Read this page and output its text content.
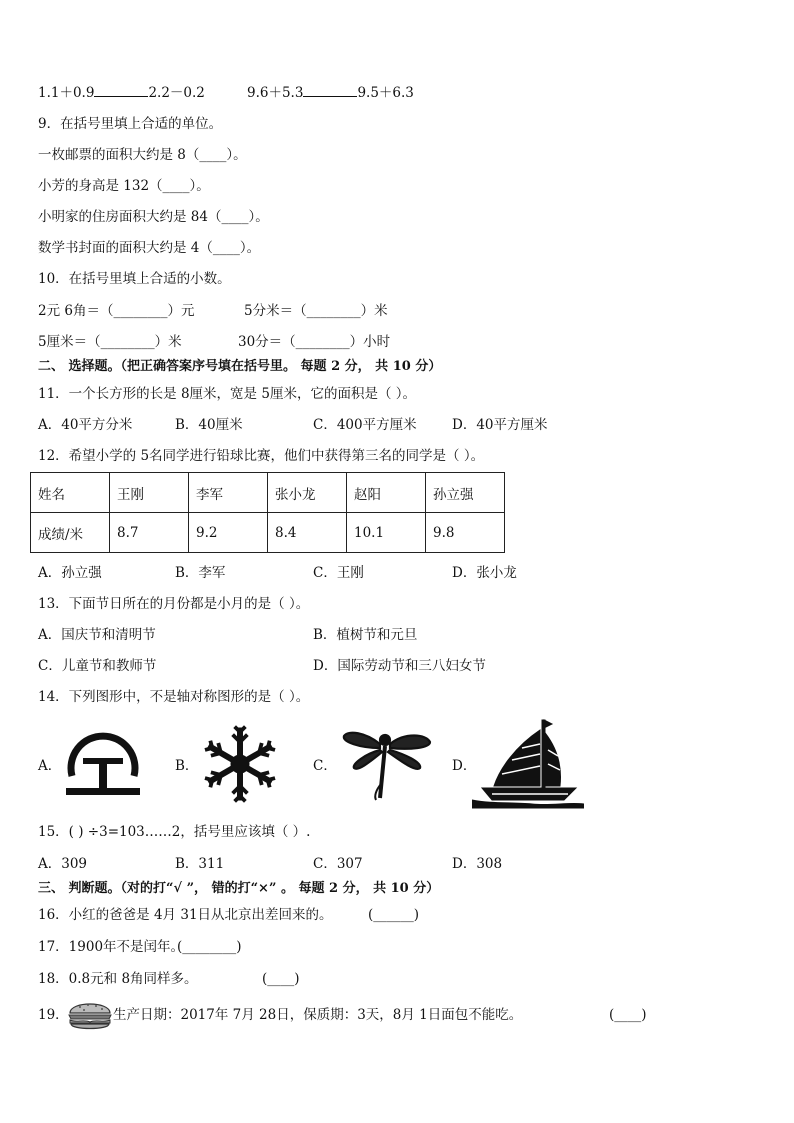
1.1＋0.9	2.2－0.2	9.6＋5.3	9.5＋6.3
9．在括号里填上合适的单位。
一枚邮票的面积大约是 8（____）。
小芳的身高是 132（____）。
小明家的住房面积大约是 84（____）。
数学书封面的面积大约是 4（____）。
10．在括号里填上合适的小数。
2元 6角＝（________）元	5分米＝（________）米
5厘米＝（________）米	30分＝（________）小时
二、 选择题。（把正确答案序号填在括号里。 每题 2 分， 共 10 分）
11．一个长方形的长是 8厘米，宽是 5厘米，它的面积是（ ）。
A．40平方分米	B．40厘米	C．400平方厘米	D．40平方厘米
12．希望小学的 5名同学进行铅球比赛，他们中获得第三名的同学是（ ）。
姓名	王刚	李军	张小龙	赵阳	孙立强
成绩/米	8.7	9.2	8.4	10.1	9.8
A．孙立强	B．李军	C．王刚	D．张小龙
13．下面节日所在的月份都是小月的是（ ）。
A．国庆节和清明节	B．植树节和元旦
C．儿童节和教师节	D．国际劳动节和三八妇女节
14．下列图形中，不是轴对称图形的是（ ）。
A．	B．	C．	D．
15．( ) ÷3=103……2，括号里应该填（ ）.
A．309	B．311	C．307	D．308
三、 判断题。（对的打“√ ”， 错的打“×” 。 每题 2 分， 共 10 分）
16．小红的爸爸是 4月 31日从北京出差回来的。	(______)
17．1900年不是闰年。
(________)
18．0.8元和 8角同样多。	(____)
19．	生产日期：2017年 7月 28日，保质期：3天，8月 1日面包不能吃。	(____)
